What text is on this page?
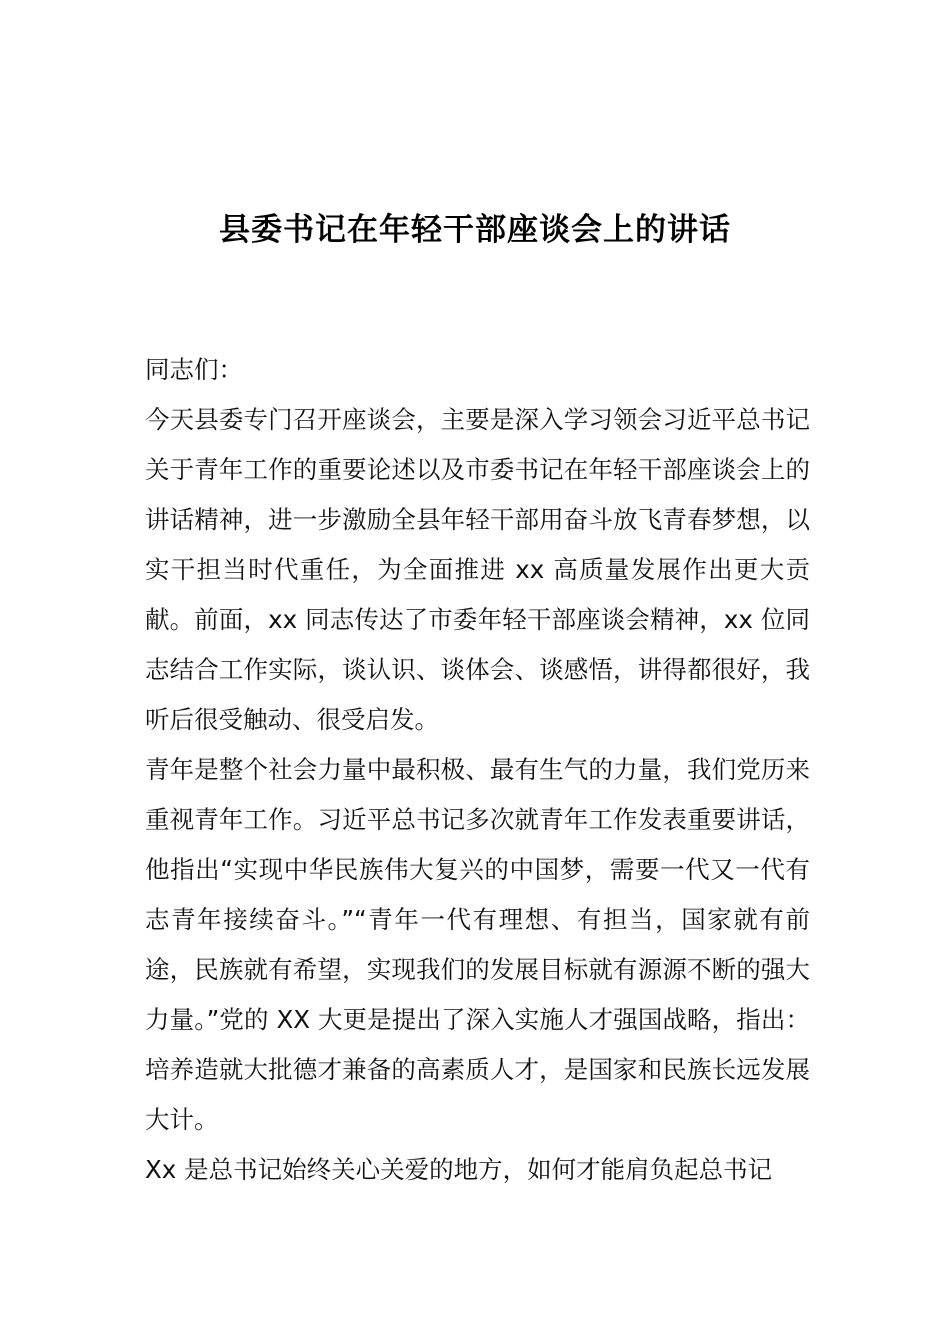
县委书记在年轻干部座谈会上的讲话

同志们：

今天县委专门召开座谈会，主要是深入学习领会习近平总书记关于青年工作的重要论述以及市委书记在年轻干部座谈会上的讲话精神，进一步激励全县年轻干部用奋斗放飞青春梦想，以实干担当时代重任，为全面推进 xx 高质量发展作出更大贡献。前面，xx 同志传达了市委年轻干部座谈会精神，xx 位同志结合工作实际，谈认识、谈体会、谈感悟，讲得都很好，我听后很受触动、很受启发。

青年是整个社会力量中最积极、最有生气的力量，我们党历来重视青年工作。习近平总书记多次就青年工作发表重要讲话，他指出“实现中华民族伟大复兴的中国梦，需要一代又一代有志青年接续奋斗。”“青年一代有理想、有担当，国家就有前途，民族就有希望，实现我们的发展目标就有源源不断的强大力量。”党的 XX 大更是提出了深入实施人才强国战略，指出：培养造就大批德才兼备的高素质人才，是国家和民族长远发展大计。

Xx 是总书记始终关心关爱的地方，如何才能肩负起总书记
